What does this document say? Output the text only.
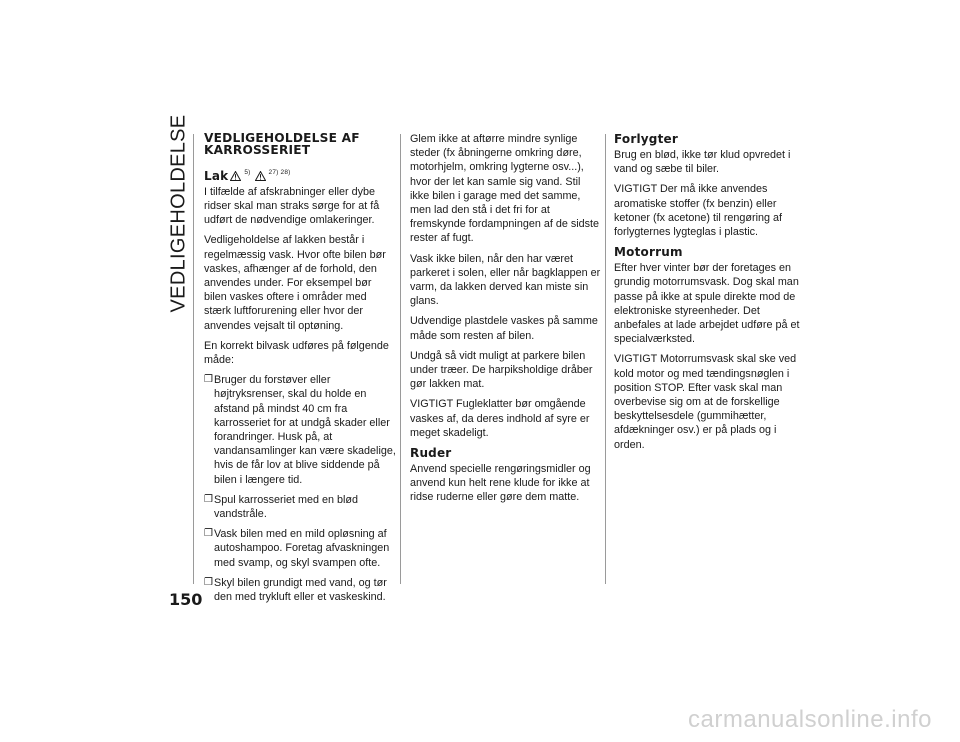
VEDLIGEHOLDELSE VEDLIGEHOLDELSE AF KARROSSERIET
Lak 5)	27) 28)

I tilfælde af afskrabninger eller dybe ridser skal man straks sørge for at få udført de nødvendige omlakeringer.

Vedligeholdelse af lakken består i regelmæssig vask. Hvor ofte bilen bør vaskes, afhænger af de forhold, den anvendes under. For eksempel bør bilen vaskes oftere i områder med stærk luftforurening eller hvor der anvendes vejsalt til optøning.

En korrekt bilvask udføres på følgende måde:

❒ Bruger du forstøver eller højtryksrenser, skal du holde en afstand på mindst 40 cm fra karrosseriet for at undgå skader eller forandringer. Husk på, at vandansamlinger kan være skadelige, hvis de får lov at blive siddende på bilen i længere tid.
❒ Spul karrosseriet med en blød vandstråle.
❒ Vask bilen med en mild opløsning af autoshampoo. Foretag afvaskningen med svamp, og skyl svampen ofte.
❒ Skyl bilen grundigt med vand, og tør den med trykluft eller et vaskeskind.

Glem ikke at aftørre mindre synlige steder (fx åbningerne omkring døre, motorhjelm, omkring lygterne osv...), hvor der let kan samle sig vand. Stil ikke bilen i garage med det samme, men lad den stå i det fri for at fremskynde fordampningen af de sidste rester af fugt.

Vask ikke bilen, når den har været parkeret i solen, eller når bagklappen er varm, da lakken derved kan miste sin glans.

Udvendige plastdele vaskes på samme måde som resten af bilen.

Undgå så vidt muligt at parkere bilen under træer. De harpiksholdige dråber gør lakken mat.

VIGTIGT Fugleklatter bør omgående vaskes af, da deres indhold af syre er meget skadeligt.

Ruder

Anvend specielle rengøringsmidler og anvend kun helt rene klude for ikke at ridse ruderne eller gøre dem matte.

Forlygter

Brug en blød, ikke tør klud opvredet i vand og sæbe til biler.

VIGTIGT Der må ikke anvendes aromatiske stoffer (fx benzin) eller ketoner (fx acetone) til rengøring af forlygternes lygteglas i plastic.

Motorrum

Efter hver vinter bør der foretages en grundig motorrumsvask. Dog skal man passe på ikke at spule direkte mod de elektroniske styreenheder. Det anbefales at lade arbejdet udføre på et specialværksted.

VIGTIGT Motorrumsvask skal ske ved kold motor og med tændingsnøglen i position STOP. Efter vask skal man overbevise sig om at de forskellige beskyttelsesdele (gummihætter, afdækninger osv.) er på plads og i orden.

150
carmanualsonline.info
